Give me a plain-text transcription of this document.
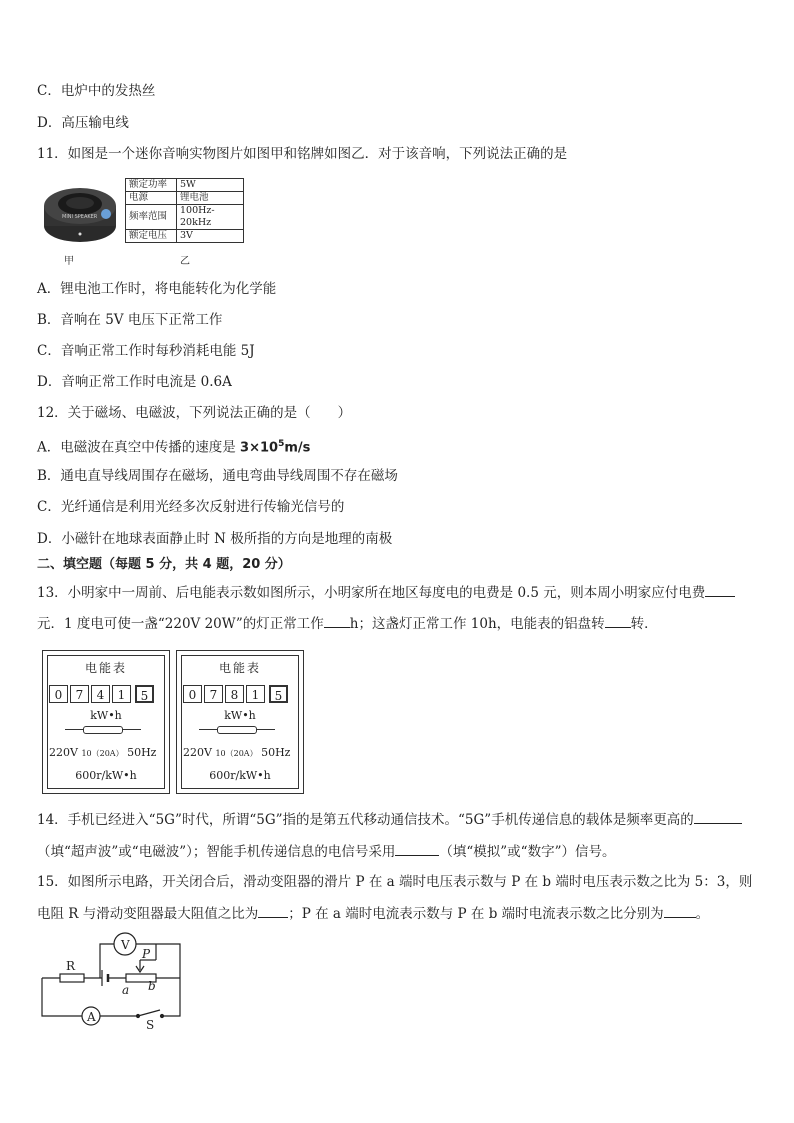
C．电炉中的发热丝
D．高压输电线
11．如图是一个迷你音响实物图片如图甲和铭牌如图乙．对于该音响，下列说法正确的是
MINI SPEAKER
额定功率	5W
电源	锂电池
频率范围	100Hz-20kHz
额定电压	3V
甲	乙
A．锂电池工作时，将电能转化为化学能
B．音响在 5V 电压下正常工作
C．音响正常工作时每秒消耗电能 5J
D．音响正常工作时电流是 0.6A
12．关于磁场、电磁波，下列说法正确的是（　　）
A．电磁波在真空中传播的速度是 $3\times 10^5m/s$
B．通电直导线周围存在磁场，通电弯曲导线周围不存在磁场
C．光纤通信是利用光经多次反射进行传输光信号的
D．小磁针在地球表面静止时 N 极所指的方向是地理的南极
二、填空题（每题 5 分，共 4 题，20 分）
13．小明家中一周前、后电能表示数如图所示，小明家所在地区每度电的电费是 0.5 元，则本周小明家应付电费
元．1 度电可使一盏“220V 20W”的灯正常工作 h；这盏灯正常工作 10h，电能表的铝盘转 转．
电能表
0	7	4	1	5
kW•h
220V 10（20A） 50Hz
600r/kW•h
电能表
0	7	8	1	5
kW•h
220V 10（20A） 50Hz
600r/kW•h
14．手机已经进入“5G”时代，所谓“5G”指的是第五代移动通信技术。“5G”手机传递信息的载体是频率更高的
（填“超声波”或“电磁波”）；智能手机传递信息的电信号采用	（填“模拟”或“数字”）信号。
15．如图所示电路，开关闭合后，滑动变阻器的滑片 P 在 a 端时电压表示数与 P 在 b 端时电压表示数之比为 5：3，则
电阻 R 与滑动变阻器最大阻值之比为 ；P 在 a 端时电流表示数与 P 在 b 端时电流表示数之比分别为 。
R
P
a b
V
A
S
